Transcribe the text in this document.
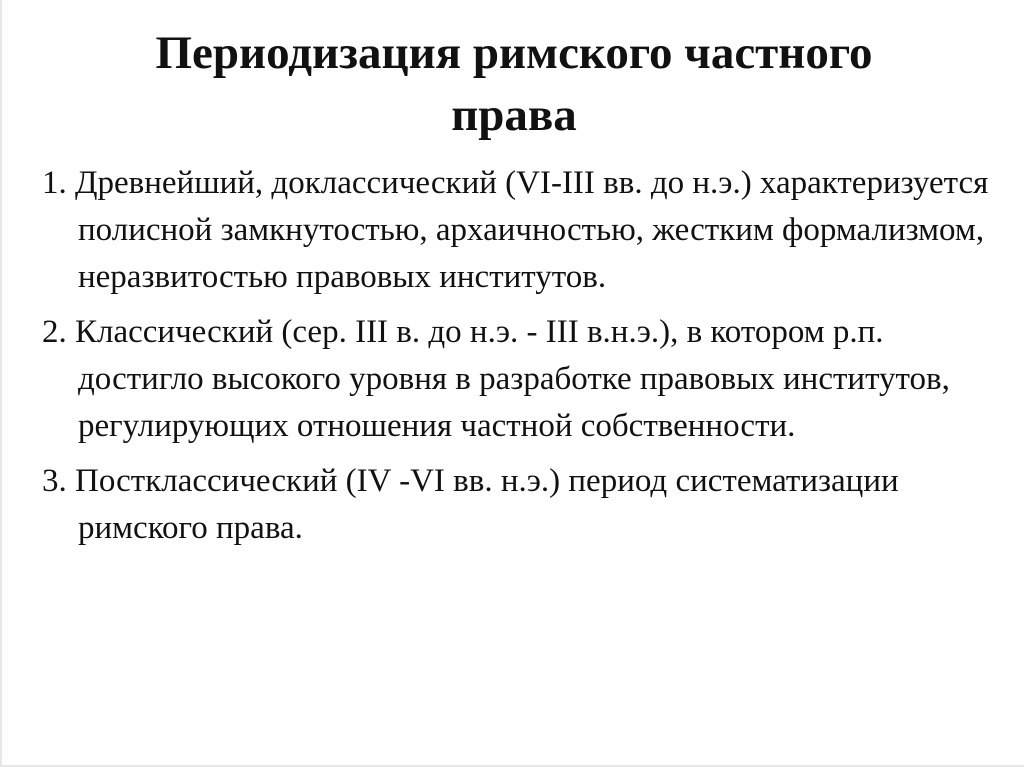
Периодизация римского частного
права
1. Древнейший, доклассический (VI-III вв. до н.э.) характеризуется полисной замкнутостью, архаичностью, жестким формализмом, неразвитостью правовых институтов.
2. Классический (сер. III в. до н.э. - III в.н.э.), в котором р.п. достигло высокого уровня в разработке правовых институтов, регулирующих отношения частной собственности.
3. Постклассический (IV -VI вв. н.э.) период систематизации римского права.
